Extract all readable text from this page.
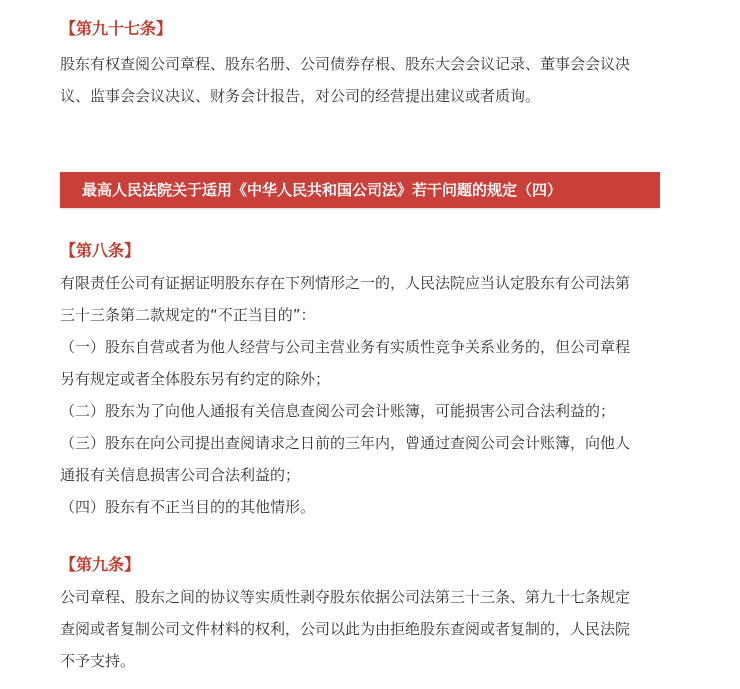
【第九十七条】
股东有权查阅公司章程、股东名册、公司债券存根、股东大会会议记录、董事会会议决
议、监事会会议决议、财务会计报告，对公司的经营提出建议或者质询。
最高人民法院关于适用《中华人民共和国公司法》若干问题的规定（四）
【第八条】
有限责任公司有证据证明股东存在下列情形之一的，人民法院应当认定股东有公司法第
三十三条第二款规定的“不正当目的”：
（一）股东自营或者为他人经营与公司主营业务有实质性竞争关系业务的，但公司章程
另有规定或者全体股东另有约定的除外；
（二）股东为了向他人通报有关信息查阅公司会计账簿，可能损害公司合法利益的；
（三）股东在向公司提出查阅请求之日前的三年内，曾通过查阅公司会计账簿，向他人
通报有关信息损害公司合法利益的；
（四）股东有不正当目的的其他情形。
【第九条】
公司章程、股东之间的协议等实质性剥夺股东依据公司法第三十三条、第九十七条规定
查阅或者复制公司文件材料的权利，公司以此为由拒绝股东查阅或者复制的，人民法院
不予支持。
